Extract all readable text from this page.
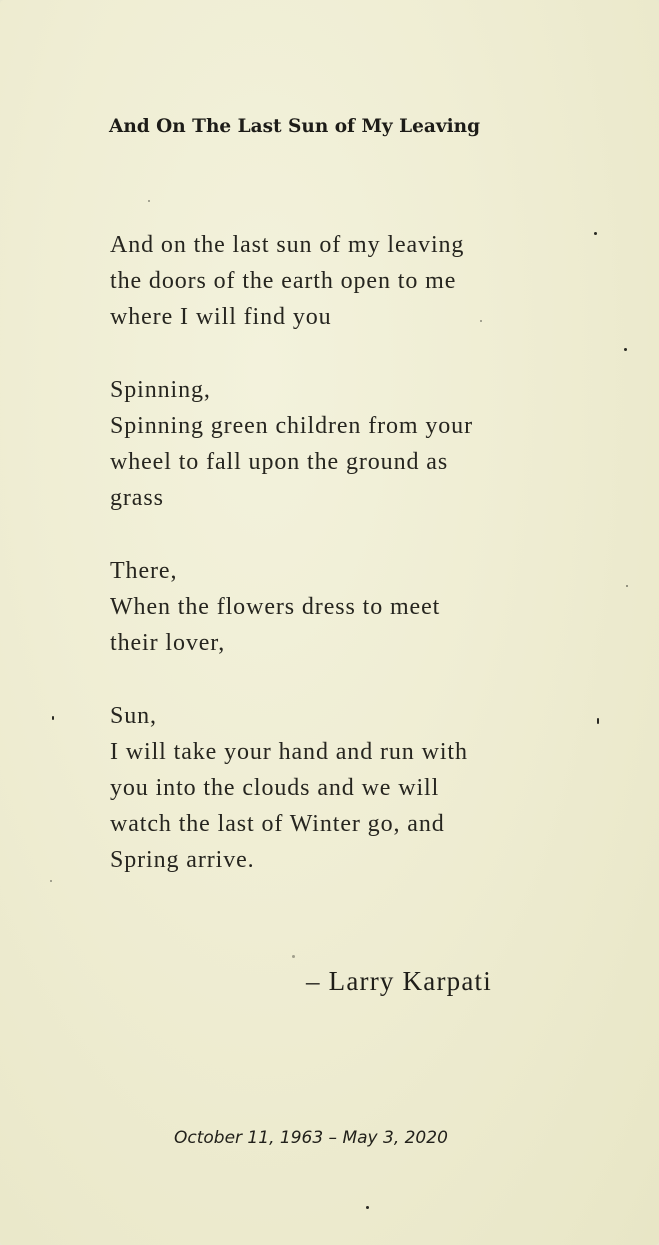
And On The Last Sun of My Leaving
And on the last sun of my leaving
the doors of the earth open to me
where I will find you
Spinning,
Spinning green children from your
wheel to fall upon the ground as
grass
There,
When the flowers dress to meet
their lover,
Sun,
I will take your hand and run with
you into the clouds and we will
watch the last of Winter go, and
Spring arrive.
– Larry Karpati
October 11, 1963 – May 3, 2020
